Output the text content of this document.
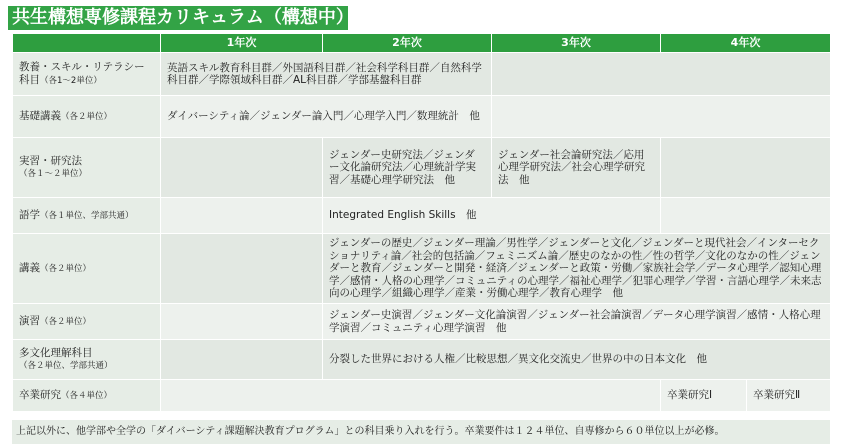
共生構想専修課程カリキュラム（構想中）
	1年次	2年次	3年次	4年次	
教養・スキル・リテラシー
科目（各1～2単位）	英語スキル教育科目群／外国語科目群／社会科学科目群／自然科学科目群／学際領域科目群／AL科目群／学部基盤科目群				
基礎講義（各２単位）	ダイバーシティ論／ジェンダー論入門／心理学入門／数理統計　他				
実習・研究法
（各１～２単位）		ジェンダー史研究法／ジェンダー文化論研究法／心理統計学実習／基礎心理学研究法　他	ジェンダー社会論研究法／応用心理学研究法／社会心理学研究法　他		
語学（各１単位、学部共通）		Integrated English Skills　他			
講義（各２単位）		ジェンダーの歴史／ジェンダー理論／男性学／ジェンダーと文化／ジェンダーと現代社会／インターセクショナリティ論／社会的包括論／フェミニズム論／歴史のなかの性／性の哲学／文化のなかの性／ジェンダーと教育／ジェンダーと開発・経済／ジェンダーと政策・労働／家族社会学／データ心理学／認知心理学／感情・人格の心理学／コミュニティの心理学／福祉心理学／犯罪心理学／学習・言語心理学／未来志向の心理学／組織心理学／産業・労働心理学／教育心理学　他			
演習（各２単位）		ジェンダー史演習／ジェンダー文化論演習／ジェンダー社会論演習／データ心理学演習／感情・人格心理学演習／コミュニティ心理学演習　他			
多文化理解科目
（各２単位、学部共通）		分裂した世界における人権／比較思想／異文化交流史／世界の中の日本文化　他			
卒業研究（各４単位）				卒業研究Ⅰ	卒業研究Ⅱ
上記以外に、他学部や全学の「ダイバーシティ課題解決教育プログラム」との科目乗り入れを行う。卒業要件は１２４単位、自専修から６０単位以上が必修。
